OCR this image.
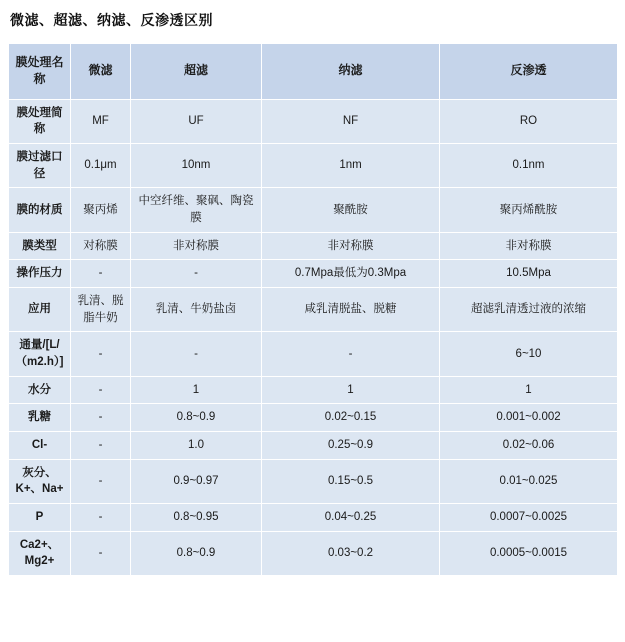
微滤、超滤、纳滤、反渗透区别
膜处理名称	微滤	超滤	纳滤	反渗透
膜处理简称	MF	UF	NF	RO
膜过滤口径	0.1μm	10nm	1nm	0.1nm
膜的材质	聚丙烯	中空纤维、聚砜、陶瓷膜	聚酰胺	聚丙烯酰胺
膜类型	对称膜	非对称膜	非对称膜	非对称膜
操作压力	-	-	0.7Mpa最低为0.3Mpa	10.5Mpa
应用	乳清、脱脂牛奶	乳清、牛奶盐卤	咸乳清脱盐、脱糖	超滤乳清透过液的浓缩
通量/[L/（m2.h）]	-	-	-	6~10
水分	-	1	1	1
乳糖	-	0.8~0.9	0.02~0.15	0.001~0.002
Cl-	-	1.0	0.25~0.9	0.02~0.06
灰分、K+、Na+	-	0.9~0.97	0.15~0.5	0.01~0.025
P	-	0.8~0.95	0.04~0.25	0.0007~0.0025
Ca2+、Mg2+	-	0.8~0.9	0.03~0.2	0.0005~0.0015
